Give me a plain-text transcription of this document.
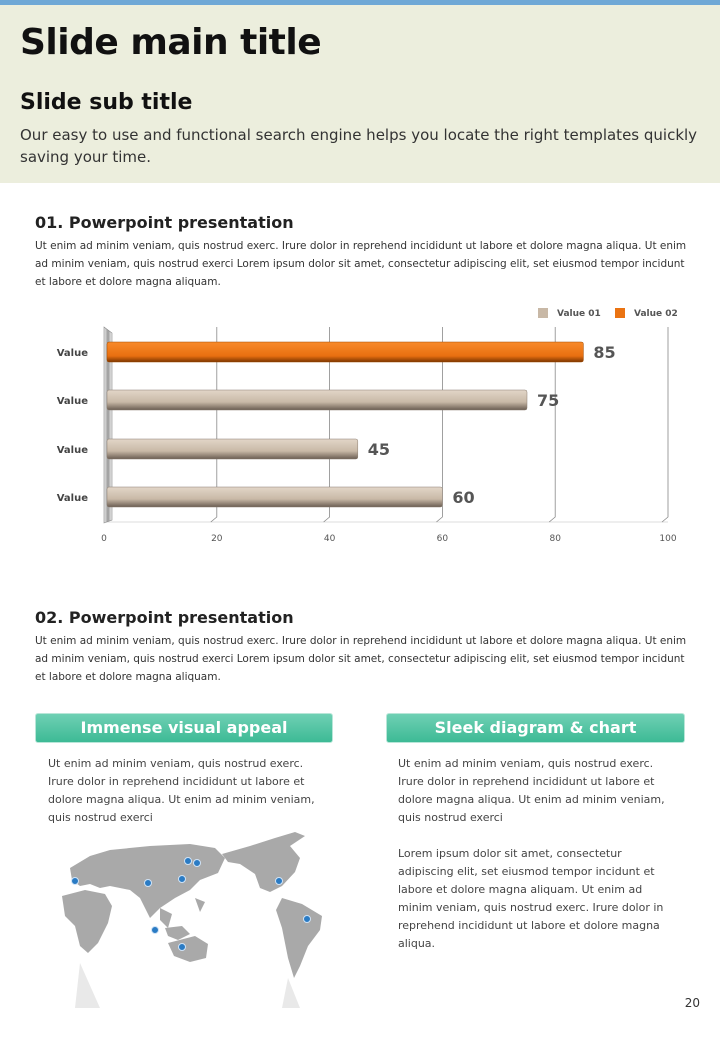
Slide main title
Slide sub title
Our easy to use and functional search engine helps you locate the right templates quickly saving your time.
01. Powerpoint presentation
Ut enim ad minim veniam, quis nostrud exerc. Irure dolor in reprehend incididunt ut labore et dolore magna aliqua. Ut enim ad minim veniam, quis nostrud exerci Lorem ipsum dolor sit amet, consectetur adipiscing elit, set eiusmod tempor incidunt et labore et dolore magna aliquam.
0	20	40	60	80	100
Value	85
Value	75
Value	45
Value	60
Value 01	Value 02
02. Powerpoint presentation
Ut enim ad minim veniam, quis nostrud exerc. Irure dolor in reprehend incididunt ut labore et dolore magna aliqua. Ut enim ad minim veniam, quis nostrud exerci Lorem ipsum dolor sit amet, consectetur adipiscing elit, set eiusmod tempor incidunt et labore et dolore magna aliquam.
Immense visual appeal
Ut enim ad minim veniam, quis nostrud exerc. Irure dolor in reprehend incididunt ut labore et dolore magna aliqua. Ut enim ad minim veniam, quis nostrud exerci
Sleek diagram & chart
Ut enim ad minim veniam, quis nostrud exerc. Irure dolor in reprehend incididunt ut labore et dolore magna aliqua. Ut enim ad minim veniam, quis nostrud exerci
Lorem ipsum dolor sit amet, consectetur adipiscing elit, set eiusmod tempor incidunt et labore et dolore magna aliquam. Ut enim ad minim veniam, quis nostrud exerc. Irure dolor in reprehend incididunt ut labore et dolore magna aliqua.
20
